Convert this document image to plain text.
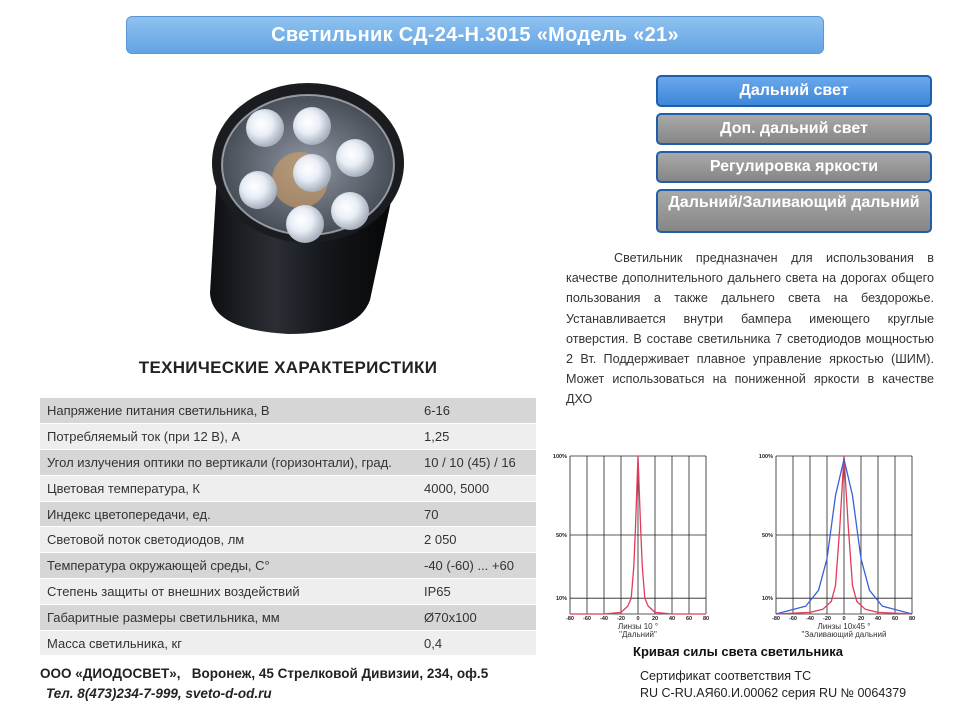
Светильник СД-24-Н.3015 «Модель «21»
Дальний свет
Доп. дальний свет
Регулировка яркости
Дальний/Заливающий дальний

Светильник предназначен для использования в качестве дополнительного дальнего света на дорогах общего пользования а также дальнего света на бездорожье. Устанавливается внутри бампера имеющего круглые отверстия. В составе светильника 7 светодиодов мощностью 2 Вт. Поддерживает плавное управление яркостью (ШИМ). Может использоваться на пониженной яркости в качестве ДХО

ТЕХНИЧЕСКИЕ ХАРАКТЕРИСТИКИ
Напряжение питания светильника, В	6-16
Потребляемый ток (при 12 В), А	1,25
Угол излучения оптики по вертикали (горизонтали), град.	10 / 10 (45) / 16
Цветовая температура, К	4000, 5000
Индекс цветопередачи, ед.	70
Световой поток светодиодов, лм	2 050
Температура окружающей среды, С°	-40 (-60) ... +60
Степень защиты от внешних воздействий	IP65
Габаритные размеры светильника, мм	Ø70х100
Масса светильника, кг	0,4
100%
50%
10%
-80 -60 -40 -20 0 20 40 60 80
Линзы 10 °
"Дальний"
100%
50%
10%
-80 -60 -40 -20 0 20 40 60 80
Линзы 10х45 °
"Заливающий дальний
Кривая силы света светильника
ООО «ДИОДОСВЕТ»,   Воронеж, 45 Стрелковой Дивизии, 234, оф.5
Тел. 8(473)234-7-999, sveto-d-od.ru
Сертификат соответствия ТС
RU C-RU.АЯ60.И.00062 серия RU № 0064379
